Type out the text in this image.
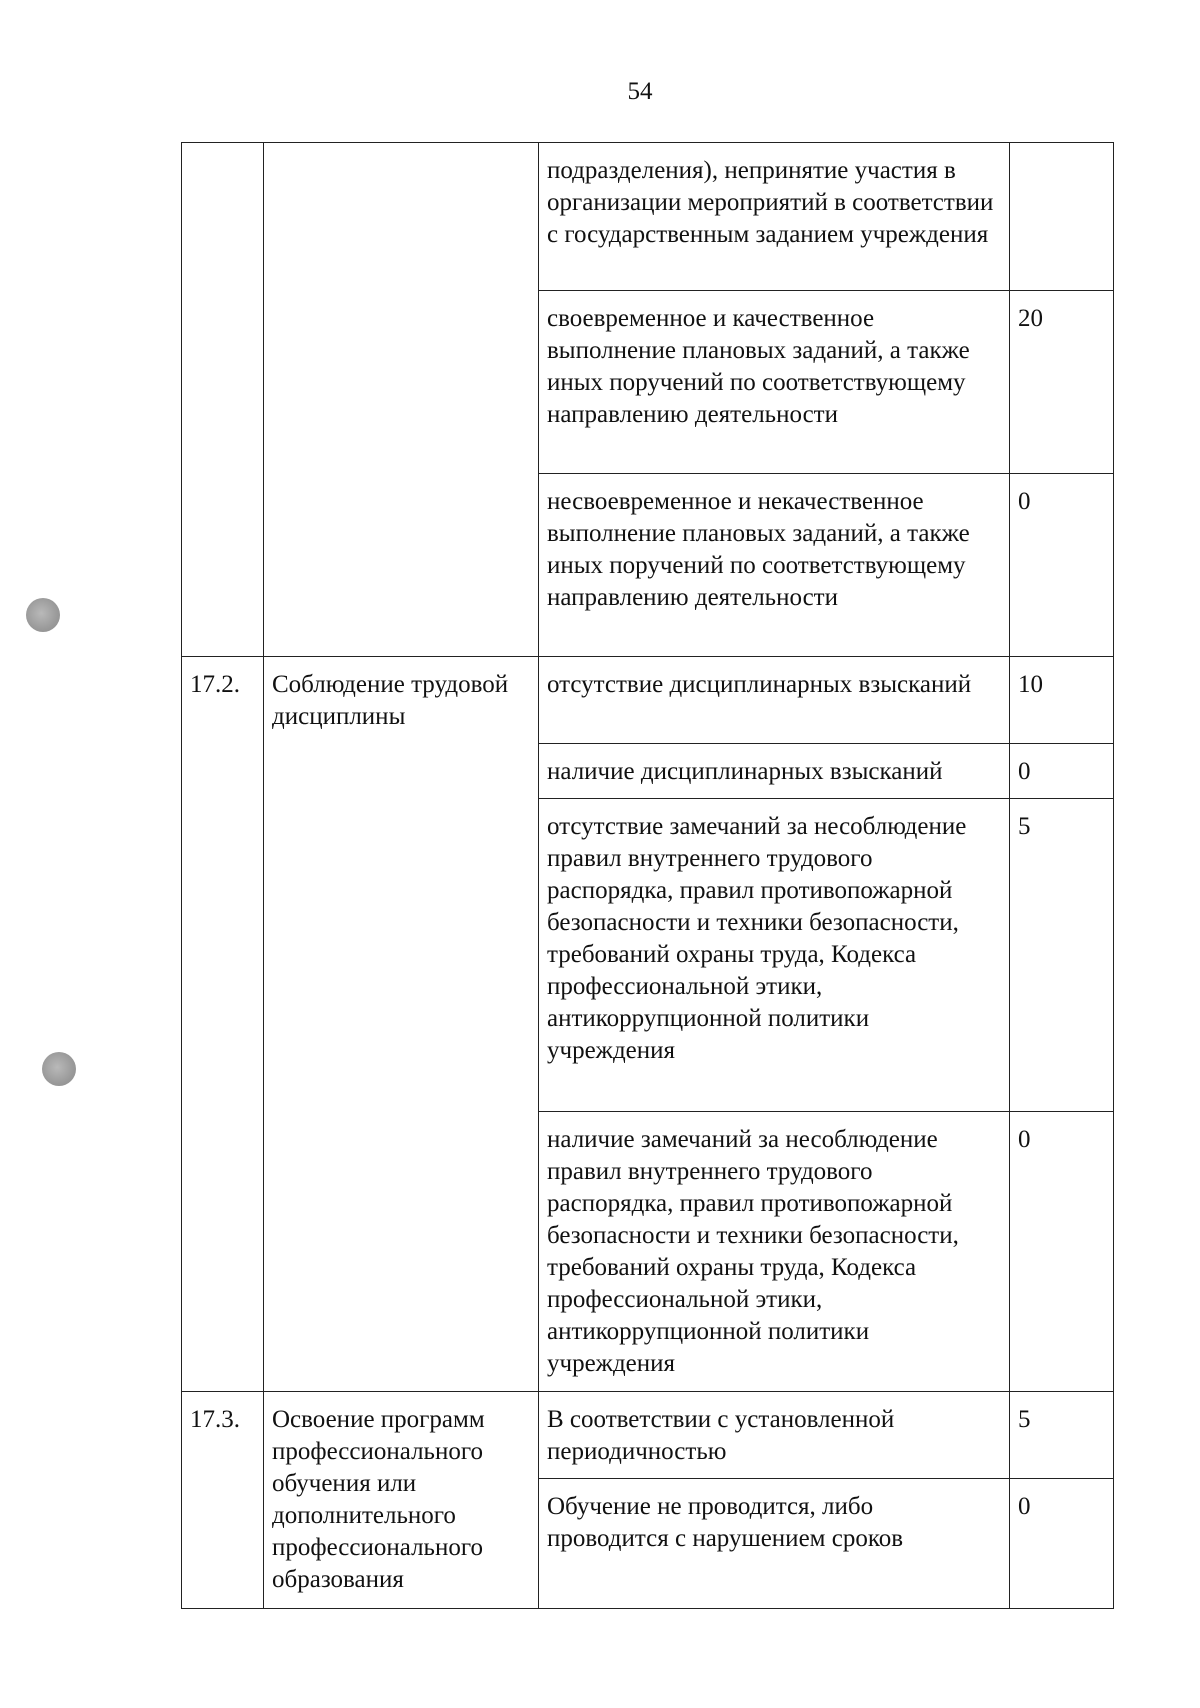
54
		подразделения), непринятие участия в организации мероприятий в соответствии с государственным заданием учреждения	
		своевременное и качественное выполнение плановых заданий, а также иных поручений по соответствующему направлению деятельности	20
		несвоевременное и некачественное выполнение плановых заданий, а также иных поручений по соответствующему направлению деятельности	0
17.2.	Соблюдение трудовой дисциплины	отсутствие дисциплинарных взысканий	10
		наличие дисциплинарных взысканий	0
		отсутствие замечаний за несоблюдение правил внутреннего трудового распорядка, правил противопожарной безопасности и техники безопасности, требований охраны труда, Кодекса профессиональной этики, антикоррупционной политики учреждения	5
		наличие замечаний за несоблюдение правил внутреннего трудового распорядка, правил противопожарной безопасности и техники безопасности, требований охраны труда, Кодекса профессиональной этики, антикоррупционной политики учреждения	0
17.3.	Освоение программ профессионального обучения или дополнительного профессионального образования	В соответствии с установленной периодичностью	5
		Обучение не проводится, либо проводится с нарушением сроков	0
